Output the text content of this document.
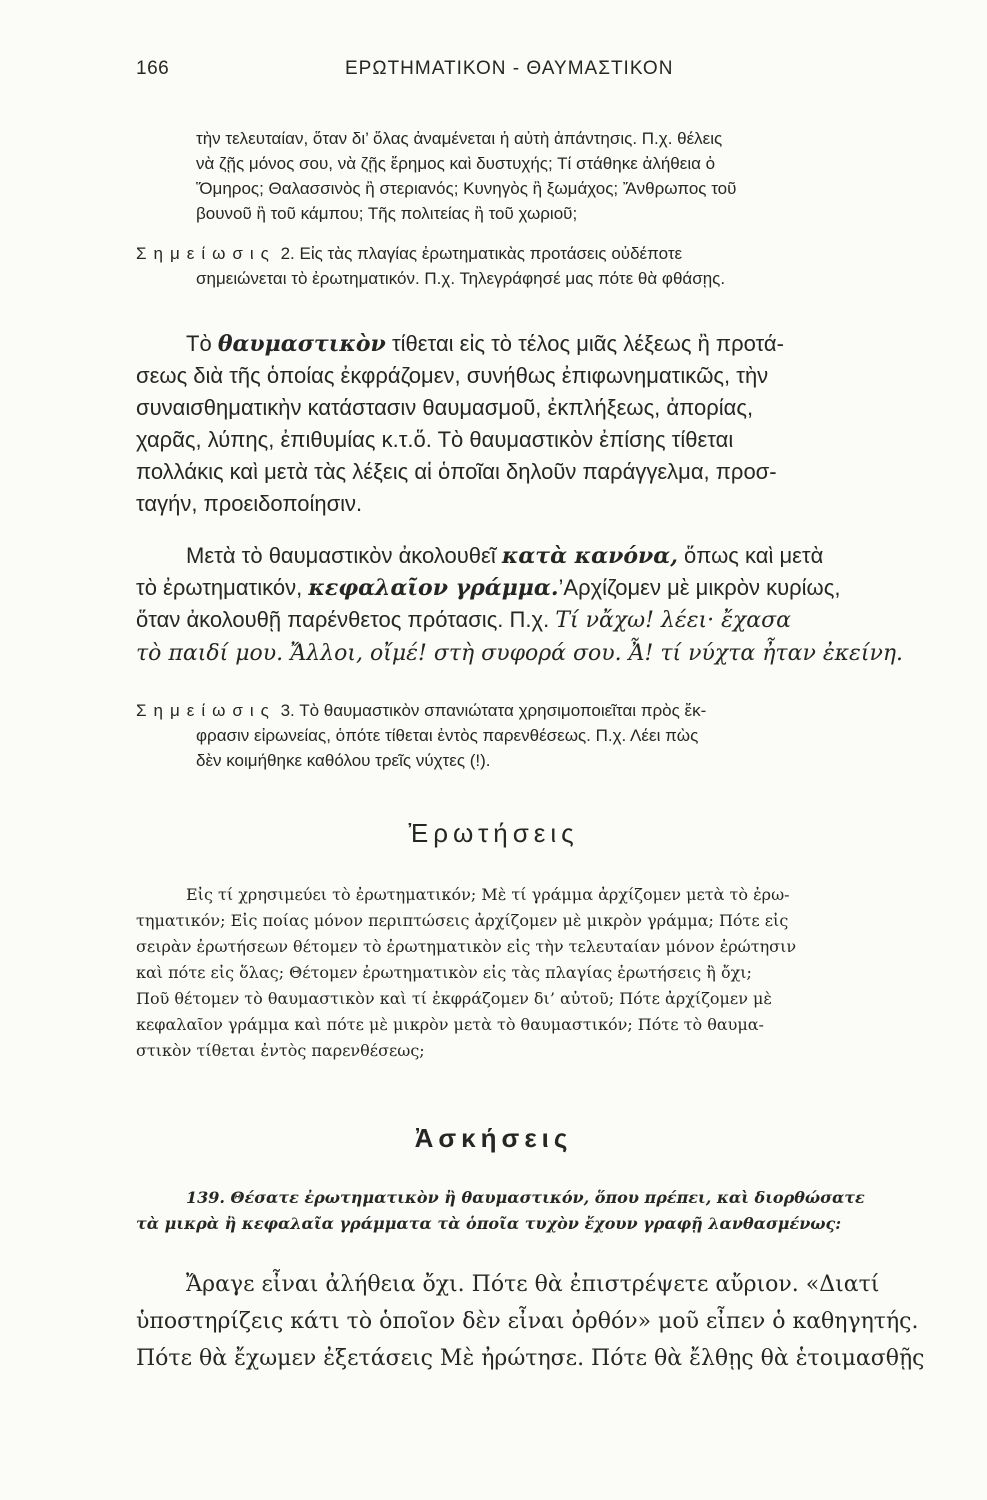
166	ΕΡΩΤΗΜΑΤΙΚΟΝ - ΘΑΥΜΑΣΤΙΚΟΝ
τὴν τελευταίαν, ὅταν δι’ ὅλας ἀναμένεται ἡ αὐτὴ ἀπάντησις. Π.χ. θέλεις
νὰ ζῇς μόνος σου, νὰ ζῇς ἔρημος καὶ δυστυχής; Τί στάθηκε ἀλήθεια ὁ
Ὅμηρος; Θαλασσινὸς ἢ στεριανός; Κυνηγὸς ἢ ξωμάχος; Ἄνθρωπος τοῦ
βουνοῦ ἢ τοῦ κάμπου; Τῆς πολιτείας ἢ τοῦ χωριοῦ;
Σημείωσις 2. Εἰς τὰς πλαγίας ἐρωτηματικὰς προτάσεις οὐδέποτε
σημειώνεται τὸ ἐρωτηματικόν. Π.χ. Τηλεγράφησέ μας πότε θὰ φθάσῃς.
Τὸ θαυμαστικὸν τίθεται εἰς τὸ τέλος μιᾶς λέξεως ἢ προτά-
σεως διὰ τῆς ὁποίας ἐκφράζομεν, συνήθως ἐπιφωνηματικῶς, τὴν
συναισθηματικὴν κατάστασιν θαυμασμοῦ, ἐκπλήξεως, ἀπορίας,
χαρᾶς, λύπης, ἐπιθυμίας κ.τ.ὅ. Τὸ θαυμαστικὸν ἐπίσης τίθεται
πολλάκις καὶ μετὰ τὰς λέξεις αἱ ὁποῖαι δηλοῦν παράγγελμα, προσ-
ταγήν, προειδοποίησιν.
Μετὰ τὸ θαυμαστικὸν ἀκολουθεῖ κατὰ κανόνα, ὅπως καὶ μετὰ
τὸ ἐρωτηματικόν, κεφαλαῖον γράμμα.’Αρχίζομεν μὲ μικρὸν κυρίως,
ὅταν ἀκολουθῇ παρένθετος πρότασις. Π.χ. Τί νἄχω! λέει· ἔχασα
τὸ παιδί μου. Ἄλλοι, οἴμέ! στὴ συφορά σου. Ἆ! τί νύχτα ἦταν ἐκείνη.
Σημείωσις 3. Τὸ θαυμαστικὸν σπανιώτατα χρησιμοποιεῖται πρὸς ἔκ-
φρασιν εἰρωνείας, ὁπότε τίθεται ἐντὸς παρενθέσεως. Π.χ. Λέει πὼς
δὲν κοιμήθηκε καθόλου τρεῖς νύχτες (!).
Ἐρωτήσεις
Εἰς τί χρησιμεύει τὸ ἐρωτηματικόν; Μὲ τί γράμμα ἀρχίζομεν μετὰ τὸ ἐρω-
τηματικόν; Εἰς ποίας μόνον περιπτώσεις ἀρχίζομεν μὲ μικρὸν γράμμα; Πότε εἰς
σειρὰν ἐρωτήσεων θέτομεν τὸ ἐρωτηματικὸν εἰς τὴν τελευταίαν μόνον ἐρώτησιν
καὶ πότε εἰς ὅλας; Θέτομεν ἐρωτηματικὸν εἰς τὰς πλαγίας ἐρωτήσεις ἢ ὄχι;
Ποῦ θέτομεν τὸ θαυμαστικὸν καὶ τί ἐκφράζομεν δι’ αὐτοῦ; Πότε ἀρχίζομεν μὲ
κεφαλαῖον γράμμα καὶ πότε μὲ μικρὸν μετὰ τὸ θαυμαστικόν; Πότε τὸ θαυμα-
στικὸν τίθεται ἐντὸς παρενθέσεως;
Ἀσκήσεις
139. Θέσατε ἐρωτηματικὸν ἢ θαυμαστικόν, ὅπου πρέπει, καὶ διορθώσατε
τὰ μικρὰ ἢ κεφαλαῖα γράμματα τὰ ὁποῖα τυχὸν ἔχουν γραφῇ λανθασμένως:
Ἄραγε εἶναι ἀλήθεια ὄχι. Πότε θὰ ἐπιστρέψετε αὔριον. «Διατί
ὑποστηρίζεις κάτι τὸ ὁποῖον δὲν εἶναι ὀρθόν» μοῦ εἶπεν ὁ καθηγητής.
Πότε θὰ ἔχωμεν ἐξετάσεις Μὲ ἠρώτησε. Πότε θὰ ἔλθῃς θὰ ἑτοιμασθῇς
